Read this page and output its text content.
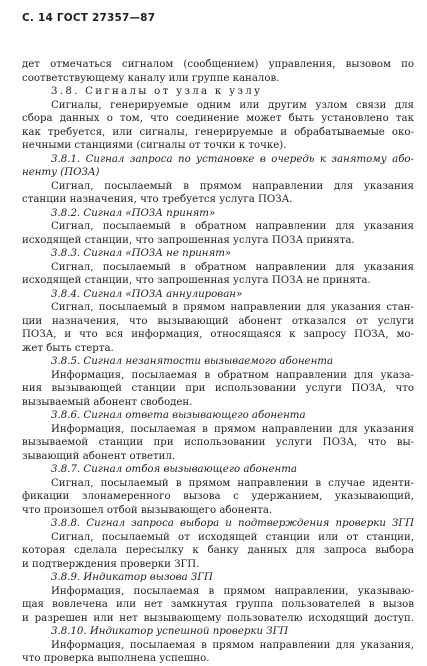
С. 14 ГОСТ 27357—87
дет отмечаться сигналом (сообщением) управления, вызовом по
соответствующему каналу или группе каналов.
3.8. Сигналы от узла к узлу
Сигналы, генерируемые одним или другим узлом связи для
сбора данных о том, что соединение может быть установлено так
как требуется, или сигналы, генерируемые и обрабатываемые око-
нечными станциями (сигналы от точки к точке).
3.8.1. Сигнал запроса по установке в очередь к занятому або-
ненту (ПОЗА)
Сигнал, посылаемый в прямом направлении для указания
станции назначения, что требуется услуга ПОЗА.
3.8.2. Сигнал «ПОЗА принят»
Сигнал, посылаемый в обратном направлении для указания
исходящей станции, что запрошенная услуга ПОЗА принята.
3.8.3. Сигнал «ПОЗА не принят»
Сигнал, посылаемый в обратном направлении для указания
исходящей станции, что запрошенная услуга ПОЗА не принята.
3.8.4. Сигнал «ПОЗА аннулирован»
Сигнал, посылаемый в прямом направлении для указания стан-
ции назначения, что вызывающий абонент отказался от услуги
ПОЗА, и что вся информация, относящаяся к запросу ПОЗА, мо-
жет быть стерта.
3.8.5. Сигнал незанятости вызываемого абонента
Информация, посылаемая в обратном направлении для указа-
ния вызывающей станции при использовании услуги ПОЗА, что
вызываемый абонент свободен.
3.8.6. Сигнал ответа вызывающего абонента
Информация, посылаемая в прямом направлении для указания
вызываемой станции при использовании услуги ПОЗА, что вы-
зывающий абонент ответил.
3.8.7. Сигнал отбоя вызывающего абонента
Сигнал, посылаемый в прямом направлении в случае иденти-
фикации злонамеренного вызова с удержанием, указывающий,
что произошел отбой вызывающего абонента.
3.8.8. Сигнал запроса выбора и подтверждения проверки ЗГП
Сигнал, посылаемый от исходящей станции или от станции,
которая сделала пересылку к банку данных для запроса выбора
и подтверждения проверки ЗГП.
3.8.9. Индикатор вызова ЗГП
Информация, посылаемая в прямом направлении, указываю-
щая вовлечена или нет замкнутая группа пользователей в вызов
и разрешен или нет вызывающему пользователю исходящий доступ.
3.8.10. Индикатор успешной проверки ЗГП
Информация, посылаемая в прямом направлении для указания,
что проверка выполнена успешно.
